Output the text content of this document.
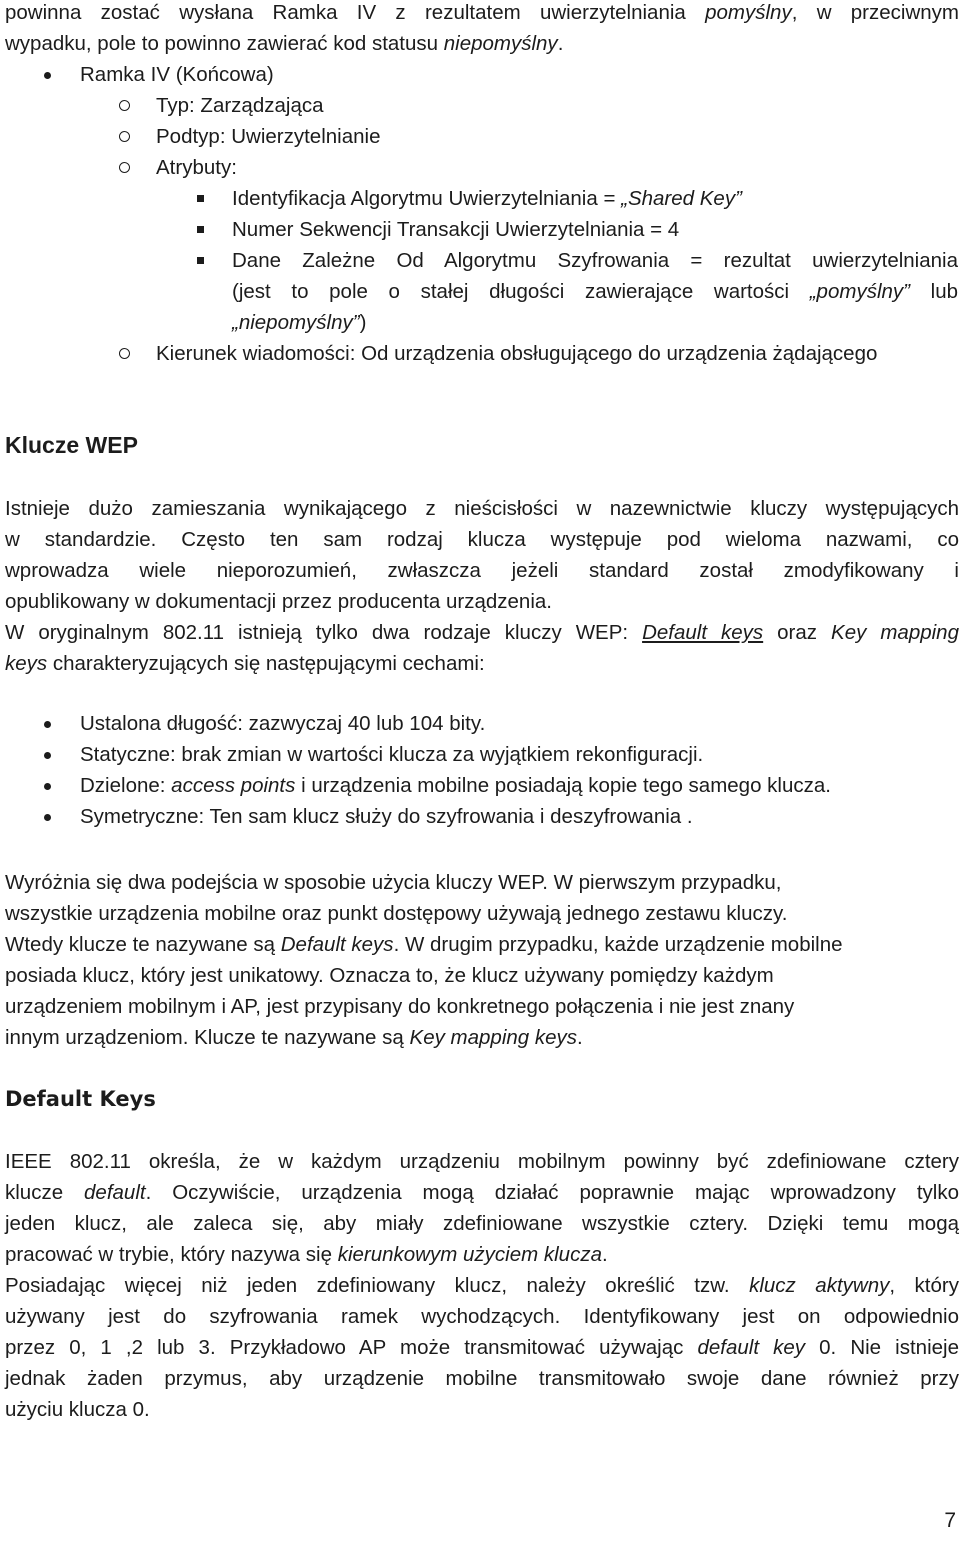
powinna zostać wysłana Ramka IV z rezultatem uwierzytelniania pomyślny, w przeciwnym
wypadku, pole to powinno zawierać kod statusu niepomyślny.
Ramka IV (Końcowa)
Typ: Zarządzająca
Podtyp: Uwierzytelnianie
Atrybuty:
Identyfikacja Algorytmu Uwierzytelniania = „Shared Key”
Numer Sekwencji Transakcji Uwierzytelniania = 4
Dane Zależne Od Algorytmu Szyfrowania = rezultat uwierzytelniania
(jest to pole o stałej długości zawierające wartości „pomyślny” lub
„niepomyślny”)
Kierunek wiadomości: Od urządzenia obsługującego do urządzenia żądającego
Klucze WEP
Istnieje dużo zamieszania wynikającego z nieścisłości w nazewnictwie kluczy występujących
w standardzie. Często ten sam rodzaj klucza występuje pod wieloma nazwami, co
wprowadza wiele nieporozumień, zwłaszcza jeżeli standard został zmodyfikowany i
opublikowany w dokumentacji przez producenta urządzenia.
W oryginalnym 802.11 istnieją tylko dwa rodzaje kluczy WEP: Default keys oraz Key mapping
keys charakteryzujących się następującymi cechami:
Ustalona długość: zazwyczaj 40 lub 104 bity.
Statyczne: brak zmian w wartości klucza za wyjątkiem rekonfiguracji.
Dzielone: access points i urządzenia mobilne posiadają kopie tego samego klucza.
Symetryczne: Ten sam klucz służy do szyfrowania i deszyfrowania .
Wyróżnia się dwa podejścia w sposobie użycia kluczy WEP. W pierwszym przypadku,
wszystkie urządzenia mobilne oraz punkt dostępowy używają jednego zestawu kluczy.
Wtedy klucze te nazywane są Default keys. W drugim przypadku, każde urządzenie mobilne
posiada klucz, który jest unikatowy. Oznacza to, że klucz używany pomiędzy każdym
urządzeniem mobilnym i AP, jest przypisany do konkretnego połączenia i nie jest znany
innym urządzeniom. Klucze te nazywane są Key mapping keys.
Default Keys
IEEE 802.11 określa, że w każdym urządzeniu mobilnym powinny być zdefiniowane cztery
klucze default. Oczywiście, urządzenia mogą działać poprawnie mając wprowadzony tylko
jeden klucz, ale zaleca się, aby miały zdefiniowane wszystkie cztery. Dzięki temu mogą
pracować w trybie, który nazywa się kierunkowym użyciem klucza.
Posiadając więcej niż jeden zdefiniowany klucz, należy określić tzw. klucz aktywny, który
używany jest do szyfrowania ramek wychodzących. Identyfikowany jest on odpowiednio
przez 0, 1 ,2 lub 3. Przykładowo AP może transmitować używając default key 0. Nie istnieje
jednak żaden przymus, aby urządzenie mobilne transmitowało swoje dane również przy
użyciu klucza 0.
7
